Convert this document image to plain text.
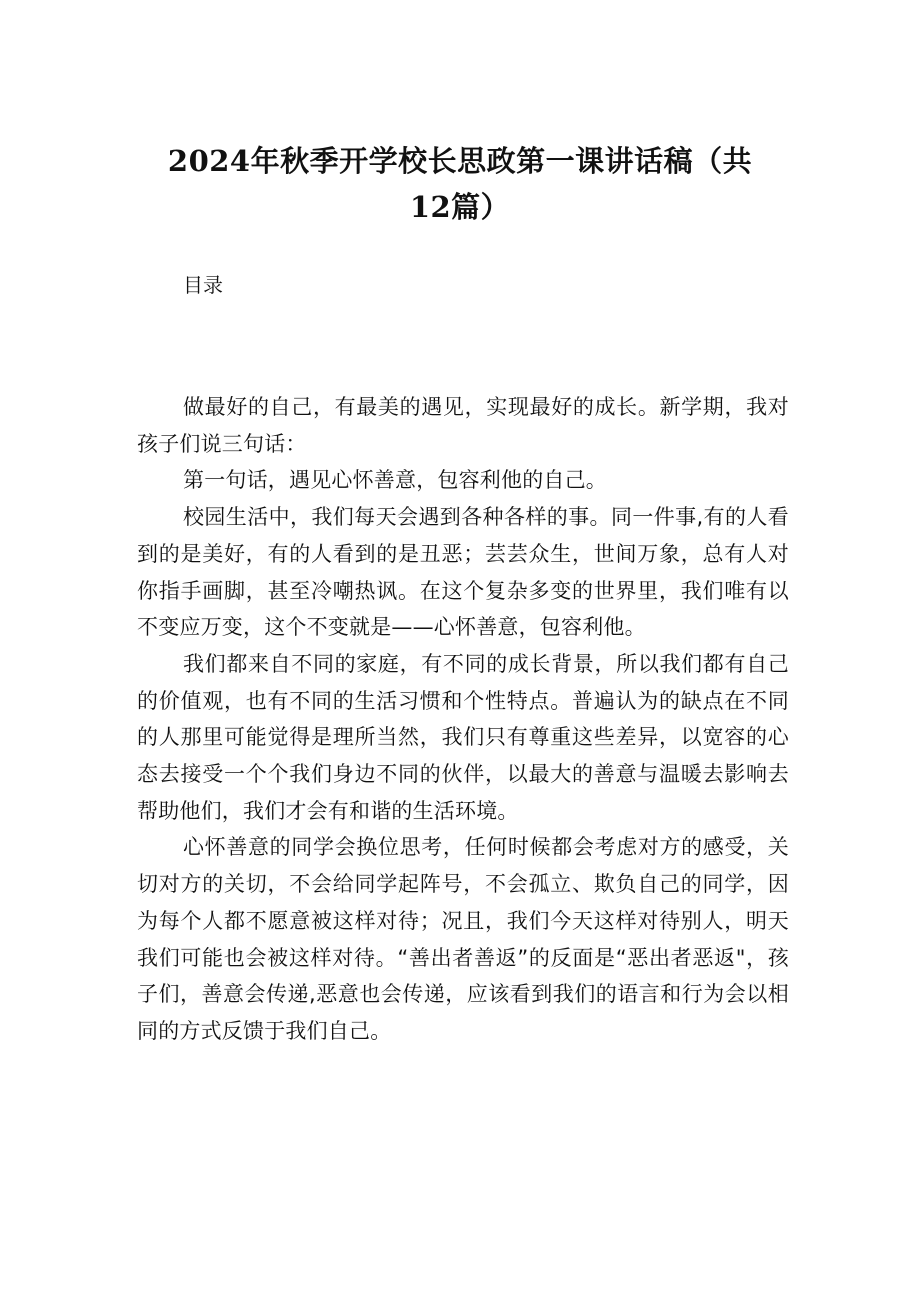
2024年秋季开学校长思政第一课讲话稿（共
12篇）

目录

做最好的自己，有最美的遇见，实现最好的成长。新学期，我对孩子们说三句话：

第一句话，遇见心怀善意，包容利他的自己。

校园生活中，我们每天会遇到各种各样的事。同一件事,有的人看到的是美好，有的人看到的是丑恶；芸芸众生，世间万象，总有人对你指手画脚，甚至冷嘲热讽。在这个复杂多变的世界里，我们唯有以不变应万变，这个不变就是——心怀善意，包容利他。

我们都来自不同的家庭，有不同的成长背景，所以我们都有自己的价值观，也有不同的生活习惯和个性特点。普遍认为的缺点在不同的人那里可能觉得是理所当然，我们只有尊重这些差异，以宽容的心态去接受一个个我们身边不同的伙伴，以最大的善意与温暖去影响去帮助他们，我们才会有和谐的生活环境。

心怀善意的同学会换位思考，任何时候都会考虑对方的感受，关切对方的关切，不会给同学起阵号，不会孤立、欺负自己的同学，因为每个人都不愿意被这样对待；况且，我们今天这样对待别人，明天我们可能也会被这样对待。“善出者善返”的反面是“恶出者恶返"，孩子们，善意会传递,恶意也会传递，应该看到我们的语言和行为会以相同的方式反馈于我们自己。
